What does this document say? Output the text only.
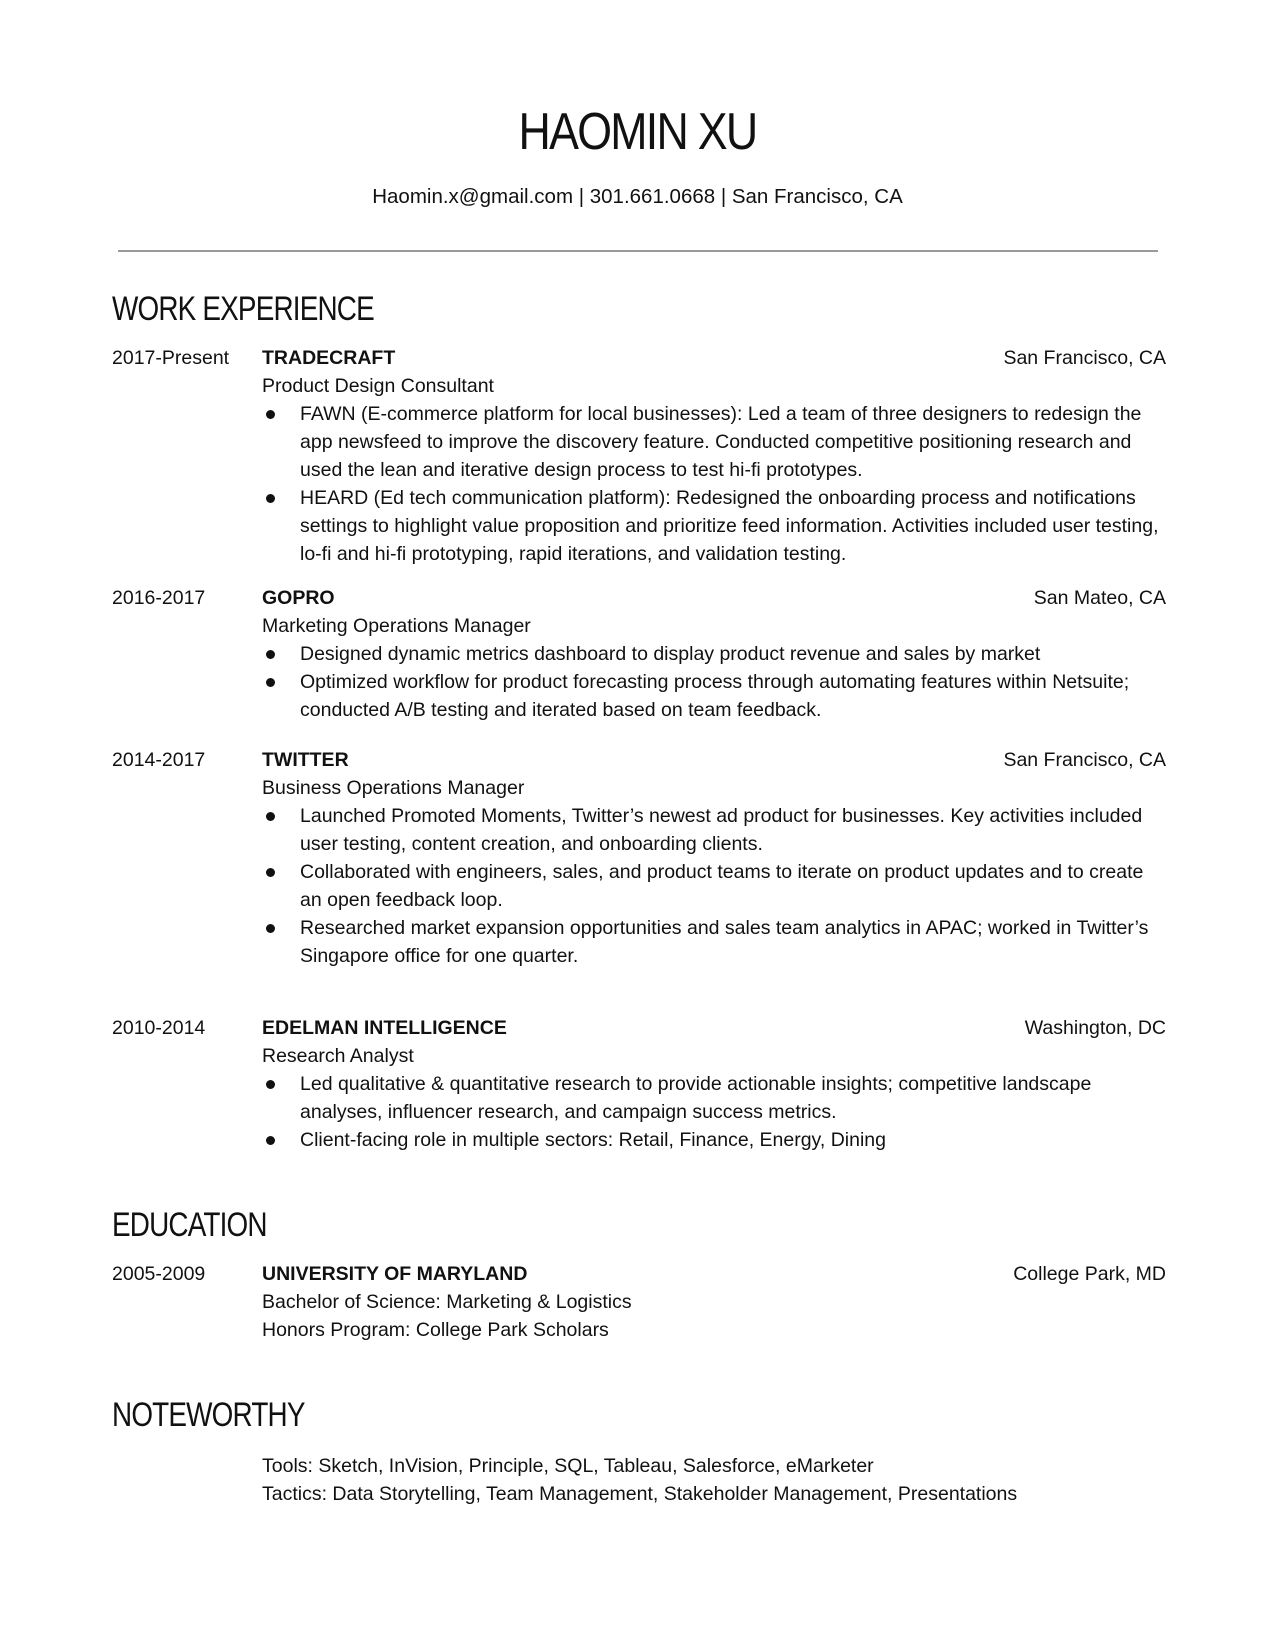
HAOMIN XU
Haomin.x@gmail.com | 301.661.0668 | San Francisco, CA
WORK EXPERIENCE
2017-Present TRADECRAFT	San Francisco, CA
Product Design Consultant
FAWN (E-commerce platform for local businesses): Led a team of three designers to redesign the app newsfeed to improve the discovery feature. Conducted competitive positioning research and used the lean and iterative design process to test hi-fi prototypes.
HEARD (Ed tech communication platform): Redesigned the onboarding process and notifications settings to highlight value proposition and prioritize feed information. Activities included user testing, lo-fi and hi-fi prototyping, rapid iterations, and validation testing.
2016-2017	GOPRO	San Mateo, CA
Marketing Operations Manager
Designed dynamic metrics dashboard to display product revenue and sales by market
Optimized workflow for product forecasting process through automating features within Netsuite; conducted A/B testing and iterated based on team feedback.
2014-2017	TWITTER	San Francisco, CA
Business Operations Manager
Launched Promoted Moments, Twitter’s newest ad product for businesses. Key activities included user testing, content creation, and onboarding clients.
Collaborated with engineers, sales, and product teams to iterate on product updates and to create an open feedback loop.
Researched market expansion opportunities and sales team analytics in APAC; worked in Twitter’s Singapore office for one quarter.
2010-2014	EDELMAN INTELLIGENCE	Washington, DC
Research Analyst
Led qualitative & quantitative research to provide actionable insights; competitive landscape analyses, influencer research, and campaign success metrics.
Client-facing role in multiple sectors: Retail, Finance, Energy, Dining
EDUCATION
2005-2009	UNIVERSITY OF MARYLAND	College Park, MD
Bachelor of Science: Marketing & Logistics
Honors Program: College Park Scholars
NOTEWORTHY
Tools: Sketch, InVision, Principle, SQL, Tableau, Salesforce, eMarketer
Tactics: Data Storytelling, Team Management, Stakeholder Management, Presentations
